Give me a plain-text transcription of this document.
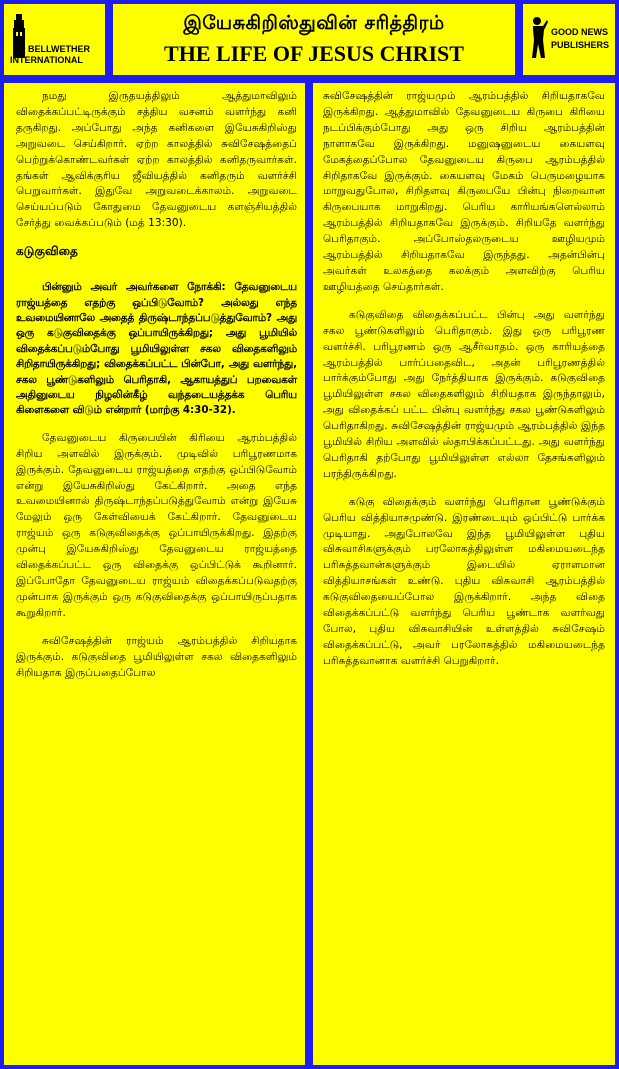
BELLWETHER
INTERNATIONAL
இயேசுகிறிஸ்துவின் சரித்திரம்
THE LIFE OF JESUS CHRIST
GOOD NEWS
PUBLISHERS

நமது இருதயத்திலும் ஆத்துமாவிலும் விதைக்கப்பட்டிருக்கும் சத்திய வசனம் வளர்ந்து கனி தருகிறது. அப்போது அந்த கனிகளை இயேசுகிறிஸ்து அறுவடை செய்கிறார். ஏற்ற காலத்தில் சுவிசேஷத்தைப் பெற்றுக்கொண்டவர்கள் ஏற்ற காலத்தில் கனிதருவார்கள். தங்கள் ஆவிக்குரிய ஜீவியத்தில் கனிதரும் வளர்ச்சி பெறுவார்கள். இதுவே அறுவடைக்காலம். அறுவடை செய்யப்படும் கோதுமை தேவனுடைய களஞ்சியத்தில் சேர்த்து வைக்கப்படும் (மத் 13:30).

கடுகுவிதை

பின்னும் அவர் அவர்களை நோக்கி: தேவனுடைய ராஜ்யத்தை எதற்கு ஒப்பிடுவோம்? அல்லது எந்த உவமையினாலே அதைத் திருஷ்டாந்தப்படுத்துவோம்? அது ஒரு கடுகுவிதைக்கு ஒப்பாயிருக்கிறது; அது பூமியில் விதைக்கப்படும்போது பூமியிலுள்ள சகல விதைகளிலும் சிறிதாயிருக்கிறது; விதைக்கப்பட்ட பின்போ, அது வளர்ந்து, சகல பூண்டுகளிலும் பெரிதாகி, ஆகாயத்துப் பறவைகள் அதினுடைய நிழலின்கீழ் வந்தடையத்தக்க பெரிய கிளைகளை விடும் என்றார் (மாற்கு 4:30-32).

தேவனுடைய கிருபையின் கிரியை ஆரம்பத்தில் சிறிய அளவில் இருக்கும். முடிவில் பரிபூரணமாக இருக்கும். தேவனுடைய ராஜ்யத்தை எதற்கு ஒப்பிடுவோம் என்று இயேசுகிறிஸ்து கேட்கிறார். அதை எந்த உவமையினால் திருஷ்டாந்தப்படுத்துவோம் என்று இயேசு மேலும் ஒரு கேள்வியைக் கேட்கிறார். தேவனுடைய ராஜ்யம் ஒரு கடுகுவிதைக்கு ஒப்பாயிருக்கிறது. இதற்கு முன்பு இயேசுகிறிஸ்து தேவனுடைய ராஜ்யத்தை விதைக்கப்பட்ட ஒரு விதைக்கு ஒப்பிட்டுக் கூறினார். இப்போதோ தேவனுடைய ராஜ்யம் விதைக்கப்படுவதற்கு முன்பாக இருக்கும் ஒரு கடுகுவிதைக்கு ஒப்பாயிருப்பதாக கூறுகிறார்.

சுவிசேஷத்தின் ராஜ்யம் ஆரம்பத்தில் சிறியதாக இருக்கும். கடுகுவிதை பூமியிலுள்ள சகல விதைகளிலும் சிறியதாக இருப்பதைப்போல

சுவிசேஷத்தின் ராஜ்யமும் ஆரம்பத்தில் சிறியதாகவே இருக்கிறது. ஆத்துமாவில் தேவனுடைய கிருபை கிரியை நடப்பிக்கும்போது அது ஒரு சிறிய ஆரம்பத்தின் நாளாகவே இருக்கிறது. மனுஷனுடைய கையளவு மேகத்தைப்போல தேவனுடைய கிருபை ஆரம்பத்தில் சிறிதாகவே இருக்கும். கையளவு மேகம் பெருமழையாக மாறுவதுபோல, சிறிதளவு கிருபையே பின்பு நிறைவான கிருபையாக மாறுகிறது. பெரிய காரியங்களெல்லாம் ஆரம்பத்தில் சிறியதாகவே இருக்கும். சிறியதே வளர்ந்து பெரிதாகும். அப்போஸ்தலருடைய ஊழியமும் ஆரம்பத்தில் சிறியதாகவே இருந்தது. அதன்பின்பு அவர்கள் உலகத்தை கலக்கும் அளவிற்கு பெரிய ஊழியத்தை செய்தார்கள்.

கடுகுவிதை விதைக்கப்பட்ட பின்பு அது வளர்ந்து சகல பூண்டுகளிலும் பெரிதாகும். இது ஒரு பரிபூரண வளர்ச்சி. பரிபூரணம் ஒரு ஆசீர்வாதம். ஒரு காரியத்தை ஆரம்பத்தில் பார்ப்பதைவிட, அதன் பரிபூரணத்தில் பார்க்கும்போது அது நேர்த்தியாக இருக்கும். கடுகுவிதை பூமியிலுள்ள சகல விதைகளிலும் சிறியதாக இருந்தாலும், அது விதைக்கப் பட்ட பின்பு வளர்ந்து சகல பூண்டுகளிலும் பெரிதாகிறது. சுவிசேஷத்தின் ராஜ்யமும் ஆரம்பத்தில் இந்த பூமியில் சிறிய அளவில் ஸ்தாபிக்கப்பட்டது. அது வளர்ந்து பெரிதாகி தற்போது பூமியிலுள்ள எல்லா தேசங்களிலும் பரந்திருக்கிறது.

கடுகு விதைக்கும் வளர்ந்து பெரிதான பூண்டுக்கும் பெரிய வித்தியாசமுண்டு. இரண்டையும் ஒப்பிட்டு பார்க்க முடியாது. அதுபோலவே இந்த பூமியிலுள்ள புதிய விசுவாசிகளுக்கும் பரலோகத்திலுள்ள மகிமையடைந்த பரிசுத்தவான்களுக்கும் இடையில் ஏராளமான வித்தியாசங்கள் உண்டு. புதிய விசுவாசி ஆரம்பத்தில் கடுகுவிதையைப்போல இருக்கிறார். அந்த விதை விதைக்கப்பட்டு வளர்ந்து பெரிய பூண்டாக வளர்வது போல, புதிய விசுவாசியின் உள்ளத்தில் சுவிசேஷம் விதைக்கப்பட்டு, அவர் பரலோகத்தில் மகிமையடைந்த பரிசுத்தவானாக வளர்ச்சி பெறுகிறார்.
